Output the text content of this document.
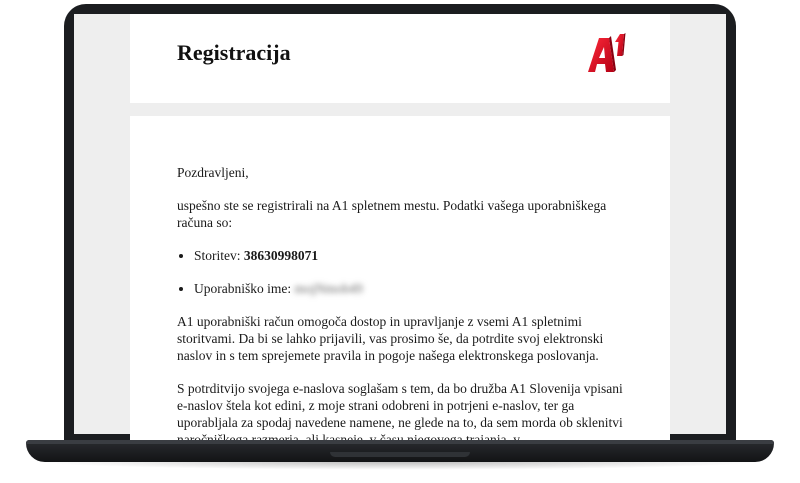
Registracija

Pozdravljeni,

uspešno ste se registrirali na A1 spletnem mestu. Podatki vašega uporabniškega računa so:

• Storitev: 38630998071
• Uporabniško ime: mojNmob49

A1 uporabniški račun omogoča dostop in upravljanje z vsemi A1 spletnimi storitvami. Da bi se lahko prijavili, vas prosimo še, da potrdite svoj elektronski naslov in s tem sprejemete pravila in pogoje našega elektronskega poslovanja.

S potrditvijo svojega e-naslova soglašam s tem, da bo družba A1 Slovenija vpisani e-naslov štela kot edini, z moje strani odobreni in potrjeni e-naslov, ter ga uporabljala za spodaj navedene namene, ne glede na to, da sem morda ob sklenitvi
